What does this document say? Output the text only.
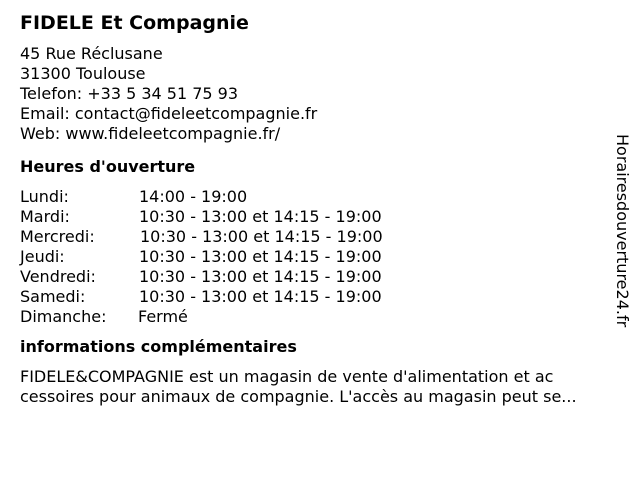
FIDELE Et Compagnie
45 Rue Réclusane
31300 Toulouse
Telefon: +33 5 34 51 75 93
Email: contact@fideleetcompagnie.fr
Web: www.fideleetcompagnie.fr/
Heures d'ouverture
Lundi:	14:00 - 19:00
Mardi:	10:30 - 13:00 et 14:15 - 19:00
Mercredi:	10:30 - 13:00 et 14:15 - 19:00
Jeudi:	10:30 - 13:00 et 14:15 - 19:00
Vendredi:	10:30 - 13:00 et 14:15 - 19:00
Samedi:	10:30 - 13:00 et 14:15 - 19:00
Dimanche: Fermé
informations complémentaires
FIDELE&COMPAGNIE est un magasin de vente d'alimentation et ac
cessoires pour animaux de compagnie. L'accès au magasin peut se...
Horairesdouverture24.fr
